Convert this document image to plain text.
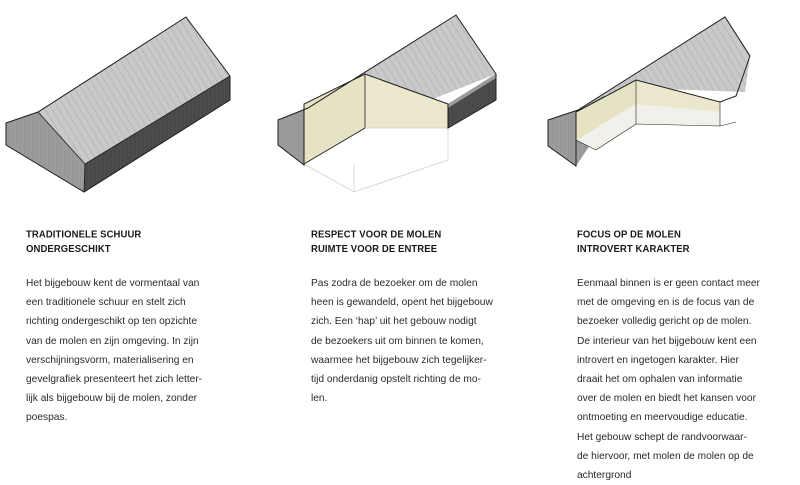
TRADITIONELE SCHUUR
ONDERGESCHIKT

Het bijgebouw kent de vormentaal van
een traditionele schuur en stelt zich
richting ondergeschikt op ten opzichte
van de molen en zijn omgeving. In zijn
verschijningsvorm, materialisering en
gevelgrafiek presenteert het zich letter-
lijk als bijgebouw bij de molen, zonder
poespas.

RESPECT VOOR DE MOLEN
RUIMTE VOOR DE ENTREE

Pas zodra de bezoeker om de molen
heen is gewandeld, opent het bijgebouw
zich. Een ‘hap’ uit het gebouw nodigt
de bezoekers uit om binnen te komen,
waarmee het bijgebouw zich tegelijker-
tijd onderdanig opstelt richting de mo-
len.

FOCUS OP DE MOLEN
INTROVERT KARAKTER

Eenmaal binnen is er geen contact meer
met de omgeving en is de focus van de
bezoeker volledig gericht op de molen.
De interieur van het bijgebouw kent een
introvert en ingetogen karakter. Hier
draait het om ophalen van informatie
over de molen en biedt het kansen voor
ontmoeting en meervoudige educatie.
Het gebouw schept de randvoorwaar-
de hiervoor, met molen de molen op de
achtergrond
